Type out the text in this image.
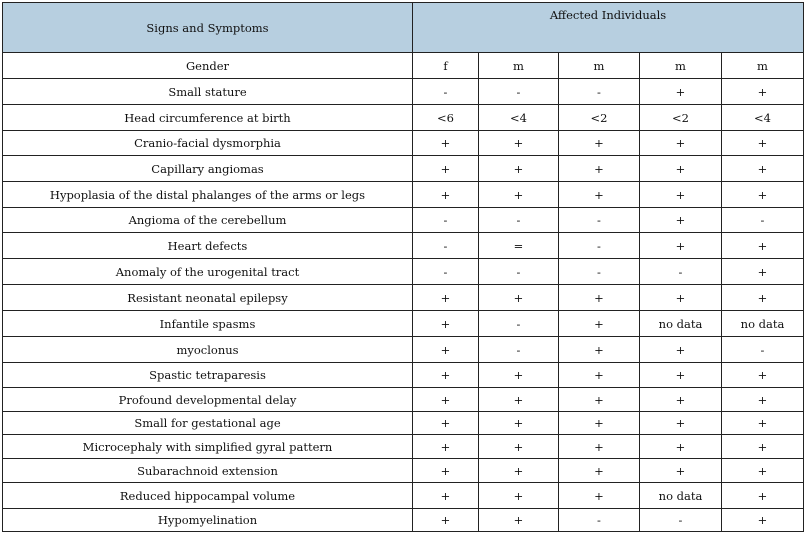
Signs and Symptoms	Affected Individuals				
Gender	f	m	m	m	m
Small stature	-	-	-	+	+
Head circumference at birth	<6	<4	<2	<2	<4
Cranio-facial dysmorphia	+	+	+	+	+
Capillary angiomas	+	+	+	+	+
Hypoplasia of the distal phalanges of the arms or legs	+	+	+	+	+
Angioma of the cerebellum	-	-	-	+	-
Heart defects	-	=	-	+	+
Anomaly of the urogenital tract	-	-	-	-	+
Resistant neonatal epilepsy	+	+	+	+	+
Infantile spasms	+	-	+	no data	no data
myoclonus	+	-	+	+	-
Spastic tetraparesis	+	+	+	+	+
Profound developmental delay	+	+	+	+	+
Small for gestational age	+	+	+	+	+
Microcephaly with simplified gyral pattern	+	+	+	+	+
Subarachnoid extension	+	+	+	+	+
Reduced hippocampal volume	+	+	+	no data	+
Hypomyelination	+	+	-	-	+
